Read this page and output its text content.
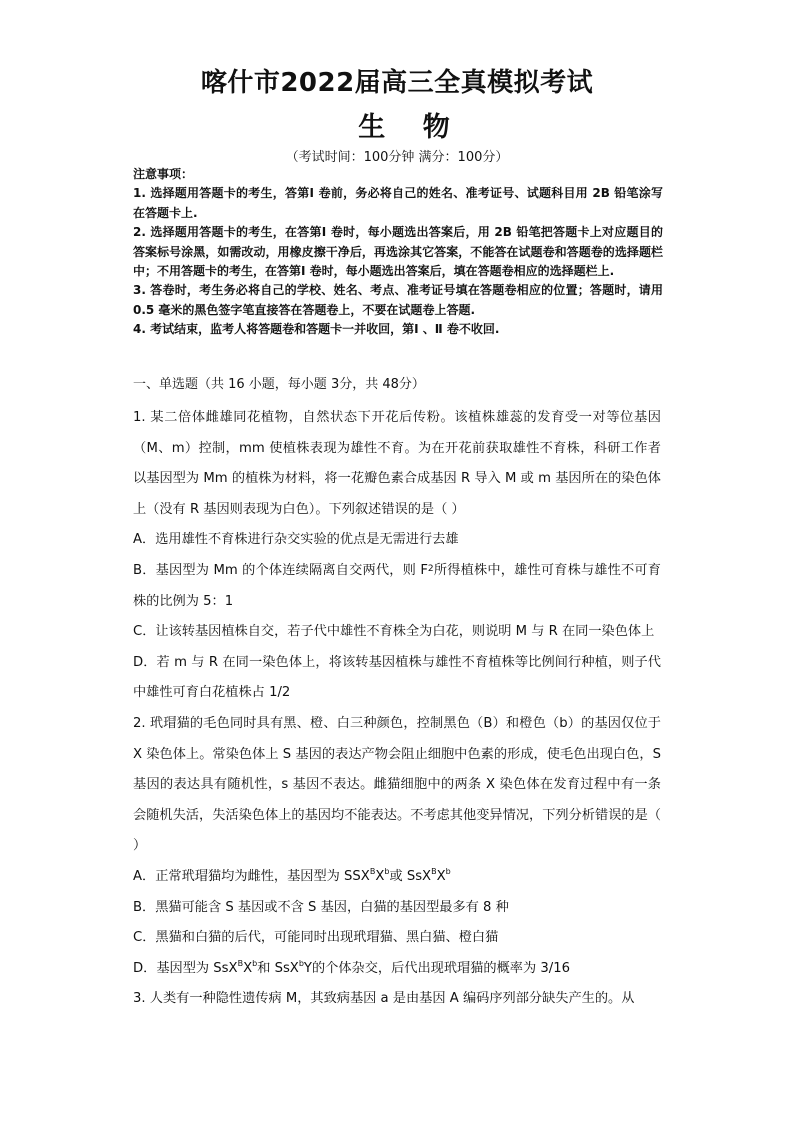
喀什市2022届高三全真模拟考试
生 物
（考试时间：100分钟 满分：100分）

注意事项：

1. 选择题用答题卡的考生，答第Ⅰ 卷前，务必将自己的姓名、准考证号、试题科目用 2B 铅笔涂写在答题卡上.

2. 选择题用答题卡的考生，在答第Ⅰ 卷时，每小题选出答案后，用 2B 铅笔把答题卡上对应题目的答案标号涂黑，如需改动，用橡皮擦干净后，再选涂其它答案，不能答在试题卷和答题卷的选择题栏中；不用答题卡的考生，在答第Ⅰ 卷时，每小题选出答案后，填在答题卷相应的选择题栏上.

3. 答卷时，考生务必将自己的学校、姓名、考点、准考证号填在答题卷相应的位置；答题时，请用 0.5 毫米的黑色签字笔直接答在答题卷上，不要在试题卷上答题.

4. 考试结束，监考人将答题卷和答题卡一并收回，第Ⅰ 、Ⅱ 卷不收回.

一、单选题（共 16 小题，每小题 3分，共 48分）

1. 某二倍体雌雄同花植物，自然状态下开花后传粉。该植株雄蕊的发育受一对等位基因（M、m）控制，mm 使植株表现为雄性不育。为在开花前获取雄性不育株，科研工作者以基因型为 Mm 的植株为材料，将一花瓣色素合成基因 R 导入 M 或 m 基因所在的染色体上（没有 R 基因则表现为白色）。下列叙述错误的是（ ）

A．选用雄性不育株进行杂交实验的优点是无需进行去雄

B．基因型为 Mm 的个体连续隔离自交两代，则 $F_2$所得植株中，雄性可育株与雄性不可育株的比例为 5：1

C．让该转基因植株自交，若子代中雄性不育株全为白花，则说明 M 与 R 在同一染色体上

D．若 m 与 R 在同一染色体上，将该转基因植株与雄性不育植株等比例间行种植，则子代中雄性可育白花植株占 1/2

2. 玳瑁猫的毛色同时具有黑、橙、白三种颜色，控制黑色（B）和橙色（b）的基因仅位于 X 染色体上。常染色体上 S 基因的表达产物会阻止细胞中色素的形成，使毛色出现白色，S 基因的表达具有随机性，s 基因不表达。雌猫细胞中的两条 X 染色体在发育过程中有一条会随机失活，失活染色体上的基因均不能表达。不考虑其他变异情况，下列分析错误的是（ ）

A．正常玳瑁猫均为雌性，基因型为 $SSX^BX^b$或 $SsX^BX^b$

B．黑猫可能含 S 基因或不含 S 基因，白猫的基因型最多有 8 种

C．黑猫和白猫的后代，可能同时出现玳瑁猫、黑白猫、橙白猫

D．基因型为 $SsX^BX^b$和 SsX$^b$Y的个体杂交，后代出现玳瑁猫的概率为 3/16

3. 人类有一种隐性遗传病 M，其致病基因 a 是由基因 A 编码序列部分缺失产生的。从
